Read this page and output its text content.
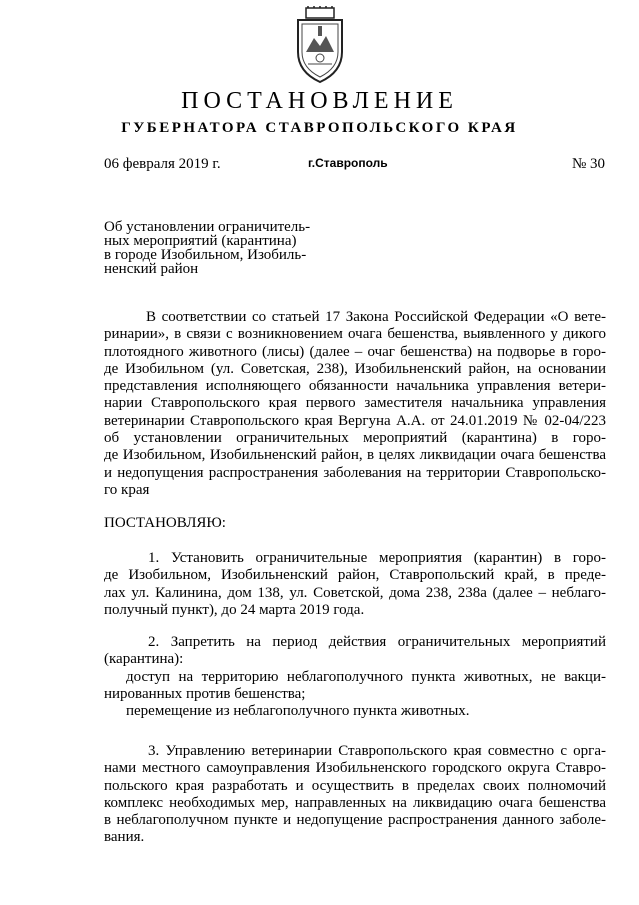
ПОСТАНОВЛЕНИЕ
ГУБЕРНАТОРА СТАВРОПОЛЬСКОГО КРАЯ
06 февраля 2019 г.	г.Ставрополь	№ 30
Об установлении ограничитель-
ных мероприятий (карантина)
в городе Изобильном, Изобиль-
ненский район
В соответствии со статьей 17 Закона Российской Федерации «О вете-
ринарии», в связи с возникновением очага бешенства, выявленного у дикого
плотоядного животного (лисы) (далее – очаг бешенства) на подворье в горо-
де Изобильном (ул. Советская, 238), Изобильненский район, на основании
представления исполняющего обязанности начальника управления ветери-
нарии Ставропольского края первого заместителя начальника управления
ветеринарии Ставропольского края Вергуна А.А. от 24.01.2019 № 02-04/223
об установлении ограничительных мероприятий (карантина) в горо-
де Изобильном, Изобильненский район, в целях ликвидации очага бешенства
и недопущения распространения заболевания на территории Ставропольско-
го края
ПОСТАНОВЛЯЮ:
1. Установить ограничительные мероприятия (карантин) в горо-
де Изобильном, Изобильненский район, Ставропольский край, в преде-
лах ул. Калинина, дом 138, ул. Советской, дома 238, 238а (далее – неблаго-
получный пункт), до 24 марта 2019 года.
2. Запретить на период действия ограничительных мероприятий
(карантина):
доступ на территорию неблагополучного пункта животных, не вакци-
нированных против бешенства;
перемещение из неблагополучного пункта животных.
3. Управлению ветеринарии Ставропольского края совместно с орга-
нами местного самоуправления Изобильненского городского округа Ставро-
польского края разработать и осуществить в пределах своих полномочий
комплекс необходимых мер, направленных на ликвидацию очага бешенства
в неблагополучном пункте и недопущение распространения данного заболе-
вания.
